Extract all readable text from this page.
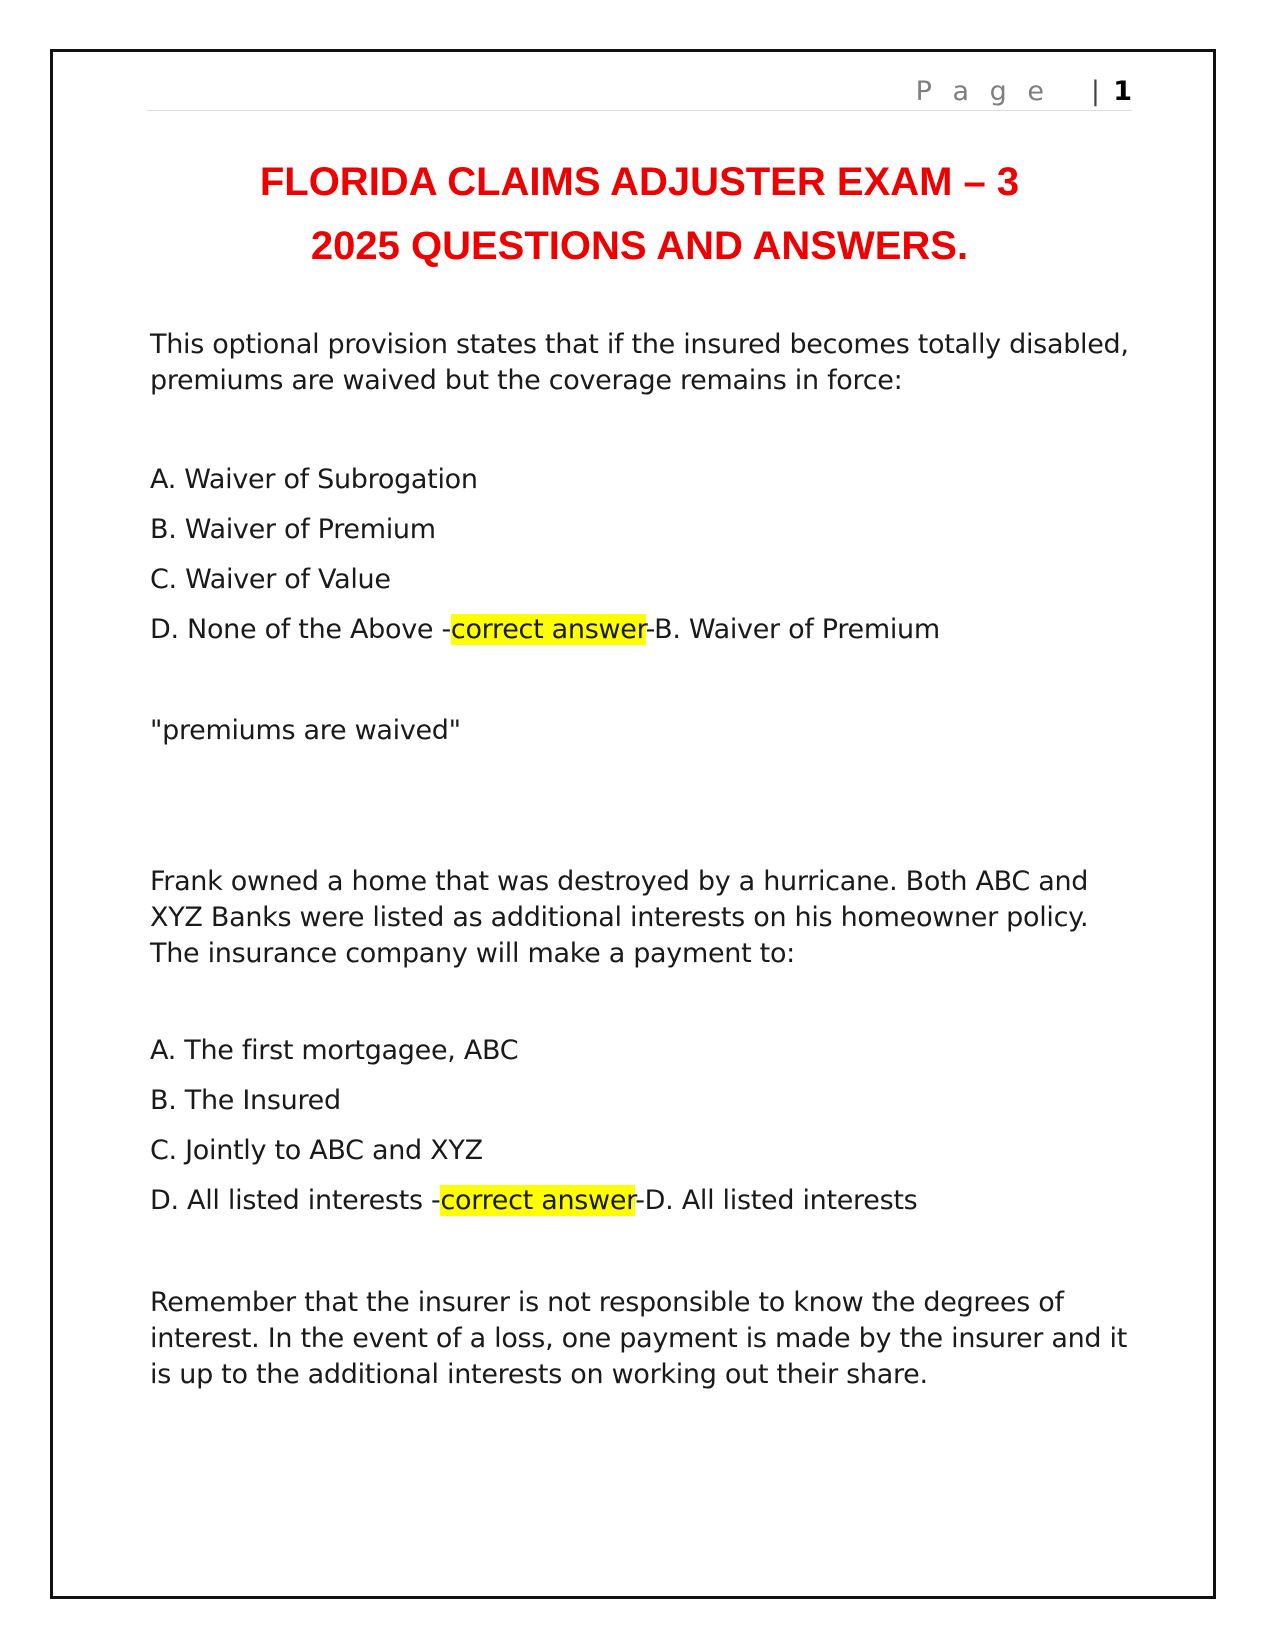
P a g e | 1
FLORIDA CLAIMS ADJUSTER EXAM – 3
2025 QUESTIONS AND ANSWERS.
This optional provision states that if the insured becomes totally disabled, premiums are waived but the coverage remains in force:
A. Waiver of Subrogation
B. Waiver of Premium
C. Waiver of Value
D. None of the Above -correct answer-B. Waiver of Premium
"premiums are waived"
Frank owned a home that was destroyed by a hurricane. Both ABC and XYZ Banks were listed as additional interests on his homeowner policy. The insurance company will make a payment to:
A. The first mortgagee, ABC
B. The Insured
C. Jointly to ABC and XYZ
D. All listed interests -correct answer-D. All listed interests
Remember that the insurer is not responsible to know the degrees of interest. In the event of a loss, one payment is made by the insurer and it is up to the additional interests on working out their share.
